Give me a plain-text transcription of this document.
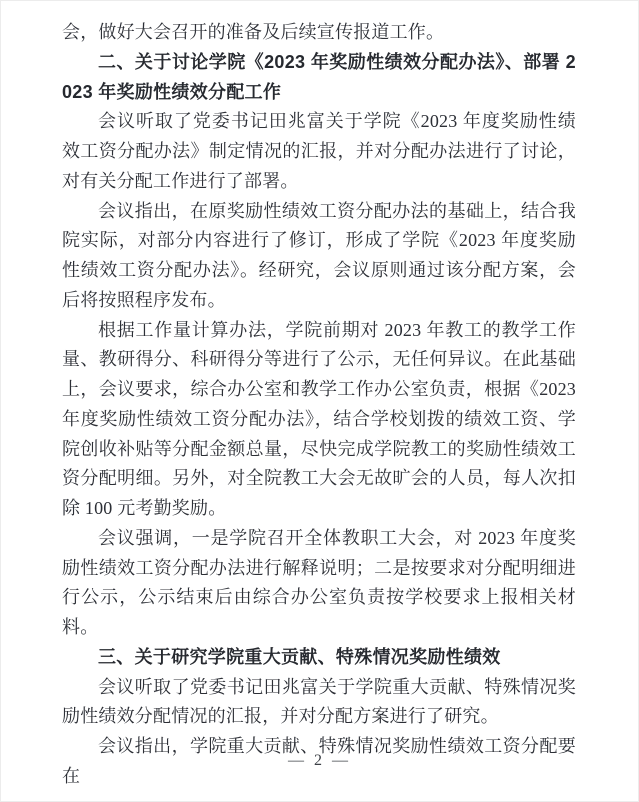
会，做好大会召开的准备及后续宣传报道工作。

二、关于讨论学院《2023 年奖励性绩效分配办法》、部署 2023 年奖励性绩效分配工作

会议听取了党委书记田兆富关于学院《2023 年度奖励性绩效工资分配办法》制定情况的汇报，并对分配办法进行了讨论，对有关分配工作进行了部署。

会议指出，在原奖励性绩效工资分配办法的基础上，结合我院实际，对部分内容进行了修订，形成了学院《2023 年度奖励性绩效工资分配办法》。经研究，会议原则通过该分配方案，会后将按照程序发布。

根据工作量计算办法，学院前期对 2023 年教工的教学工作量、教研得分、科研得分等进行了公示，无任何异议。在此基础上，会议要求，综合办公室和教学工作办公室负责，根据《2023 年度奖励性绩效工资分配办法》，结合学校划拨的绩效工资、学院创收补贴等分配金额总量，尽快完成学院教工的奖励性绩效工资分配明细。另外，对全院教工大会无故旷会的人员，每人次扣除 100 元考勤奖励。

会议强调，一是学院召开全体教职工大会，对 2023 年度奖励性绩效工资分配办法进行解释说明；二是按要求对分配明细进行公示，公示结束后由综合办公室负责按学校要求上报相关材料。

三、关于研究学院重大贡献、特殊情况奖励性绩效

会议听取了党委书记田兆富关于学院重大贡献、特殊情况奖励性绩效分配情况的汇报，并对分配方案进行了研究。

会议指出，学院重大贡献、特殊情况奖励性绩效工资分配要在

— 2 —
